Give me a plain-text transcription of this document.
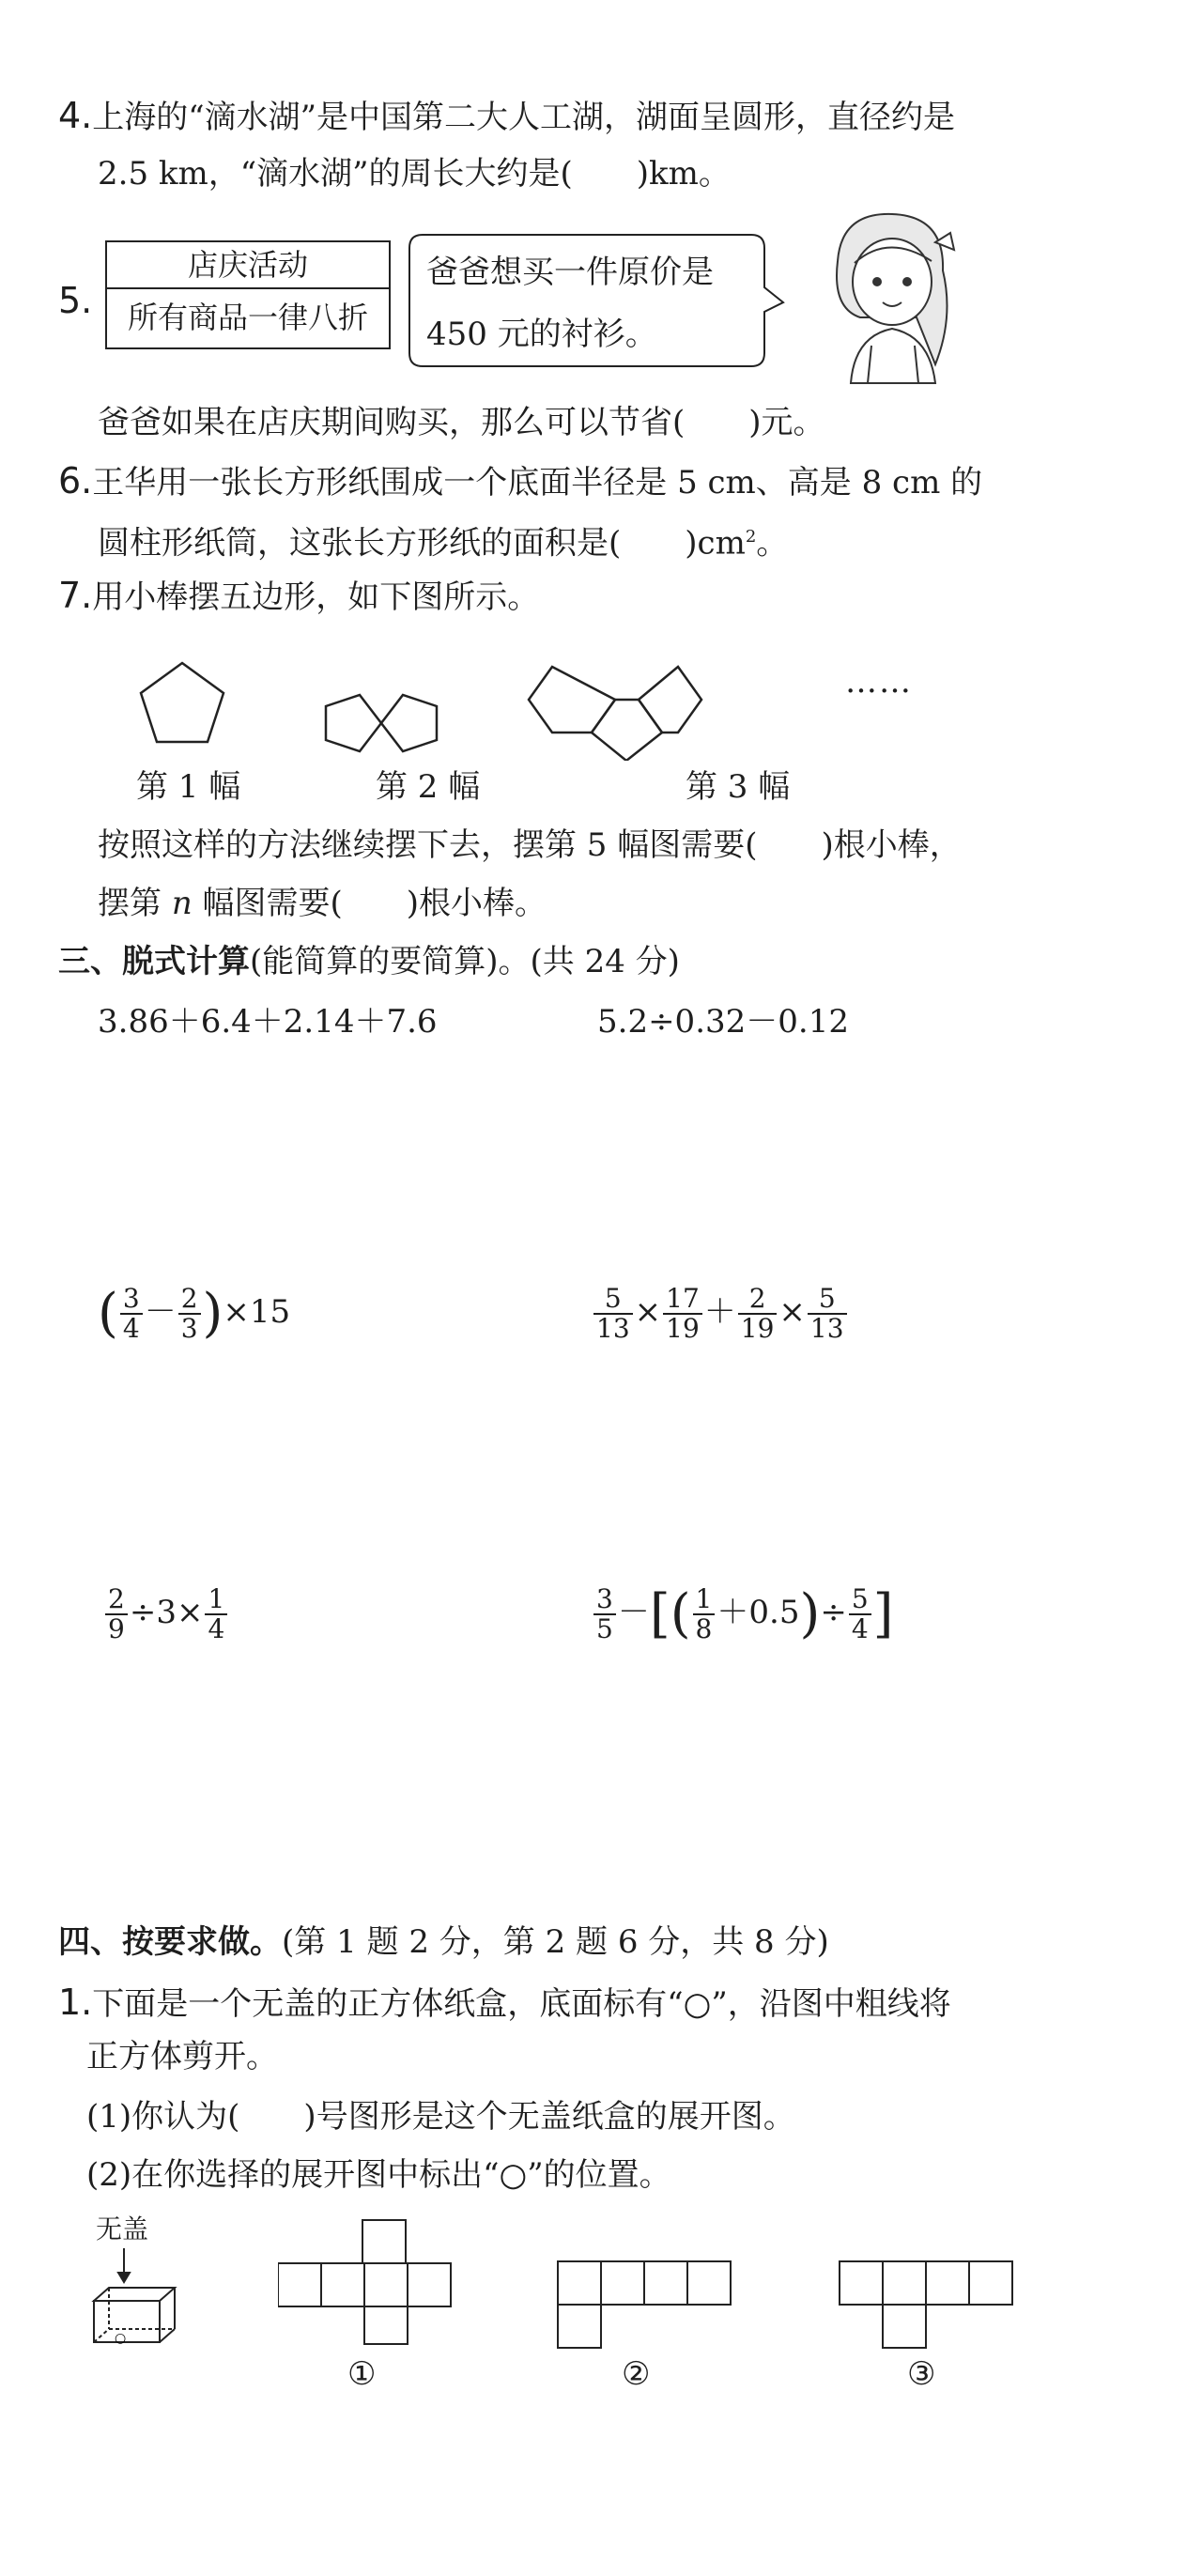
4.上海的“滴水湖”是中国第二大人工湖，湖面呈圆形，直径约是
2.5 km，“滴水湖”的周长大约是(　　)km。
5.
店庆活动
所有商品一律八折
爸爸想买一件原价是
450 元的衬衫。
爸爸如果在店庆期间购买，那么可以节省(　　)元。
6.王华用一张长方形纸围成一个底面半径是 5 cm、高是 8 cm 的
圆柱形纸筒，这张长方形纸的面积是(　　)$cm^2$。
7.用小棒摆五边形，如下图所示。
……
第 1 幅	第 2 幅	第 3 幅
按照这样的方法继续摆下去，摆第 5 幅图需要(　　)根小棒，
摆第 n 幅图需要(　　)根小棒。
三、脱式计算(能简算的要简算)。(共 24 分)
3.86＋6.4＋2.14＋7.6	5.2÷0.32－0.12
( $\frac{3}{4} - \frac{2}{3} )\times 15$	$\frac{5}{13} \times \frac{17}{19} + \frac{2}{19} \times \frac{5}{13}$
$\frac{2}{9} \div 3\times \frac{1}{4}$	$\frac{3}{5}$ －[( $\frac{1}{8} +0.5)\div \frac{5}{4}$ ]
四、按要求做。(第 1 题 2 分，第 2 题 6 分，共 8 分)
1.下面是一个无盖的正方体纸盒，底面标有“○”，沿图中粗线将
正方体剪开。
(1)你认为(　　)号图形是这个无盖纸盒的展开图。
(2)在你选择的展开图中标出“○”的位置。
无盖
○
①	②	③
